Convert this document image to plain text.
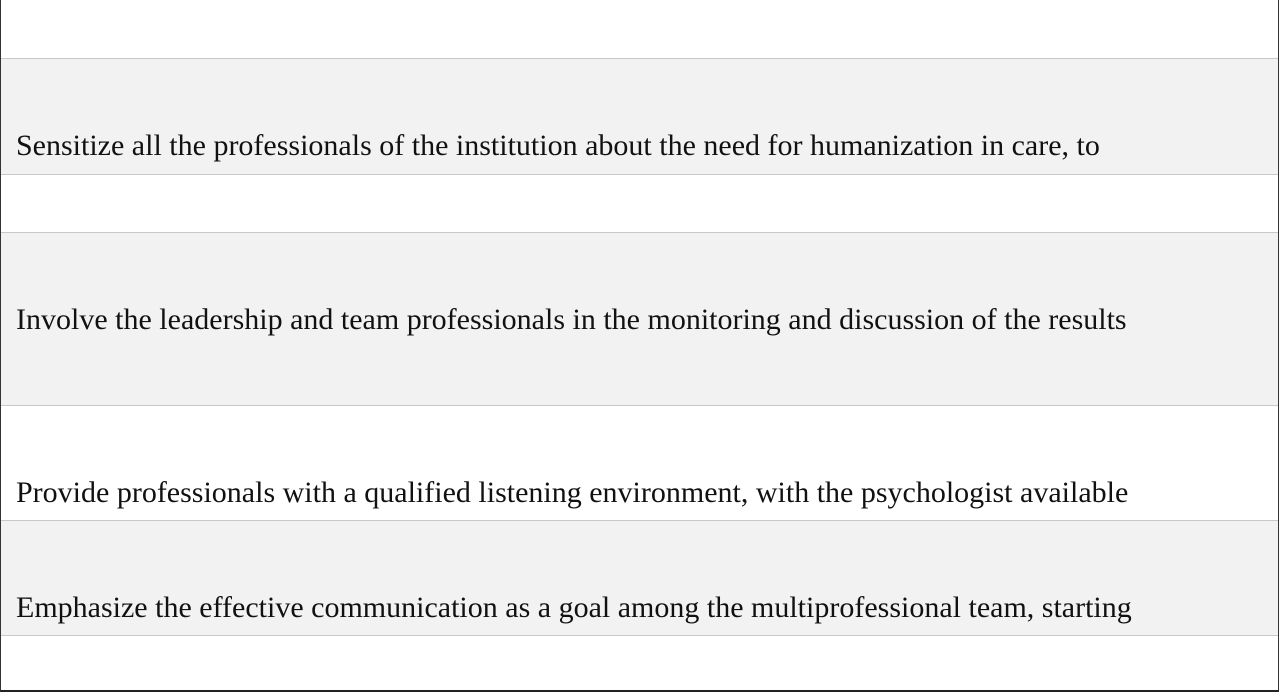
Sensitize all the professionals of the institution about the need for humanization in care, to

Involve the leadership and team professionals in the monitoring and discussion of the results

Provide professionals with a qualified listening environment, with the psychologist available

Emphasize the effective communication as a goal among the multiprofessional team, starting
